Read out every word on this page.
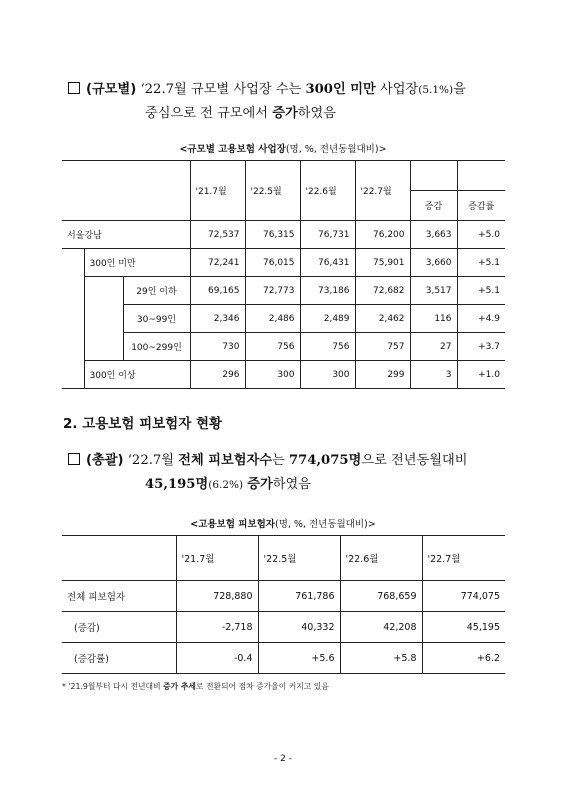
(규모별) ‘22.7월 규모별 사업장 수는 300인 미만 사업장(5.1%)을
중심으로 전 규모에서 증가하였음
<규모별 고용보험 사업장(명, %, 전년동월대비)>
			'21.7월	'22.5월	'22.6월	'22.7월		
							증감	증감률
서울강남			72,537	76,315	76,731	76,200	3,663	+5.0
	300인 미만		72,241	76,015	76,431	75,901	3,660	+5.1
		29인 이하	69,165	72,773	73,186	72,682	3,517	+5.1
		30~99인	2,346	2,486	2,489	2,462	116	+4.9
		100~299인	730	756	756	757	27	+3.7
	300인 이상		296	300	300	299	3	+1.0
2. 고용보험 피보험자 현황
(총괄) ‘22.7월 전체 피보험자수는 774,075명으로 전년동월대비
45,195명(6.2%) 증가하였음
<고용보험 피보험자(명, %, 전년동월대비)>
	'21.7월	'22.5월	'22.6월	'22.7월
전체 피보험자	728,880	761,786	768,659	774,075
(증감)	-2,718	40,332	42,208	45,195
(증감률)	-0.4	+5.6	+5.8	+6.2
* '21.9월부터 다시 전년대비 증가 추세로 전환되어 점차 증가율이 커지고 있음
- 2 -
